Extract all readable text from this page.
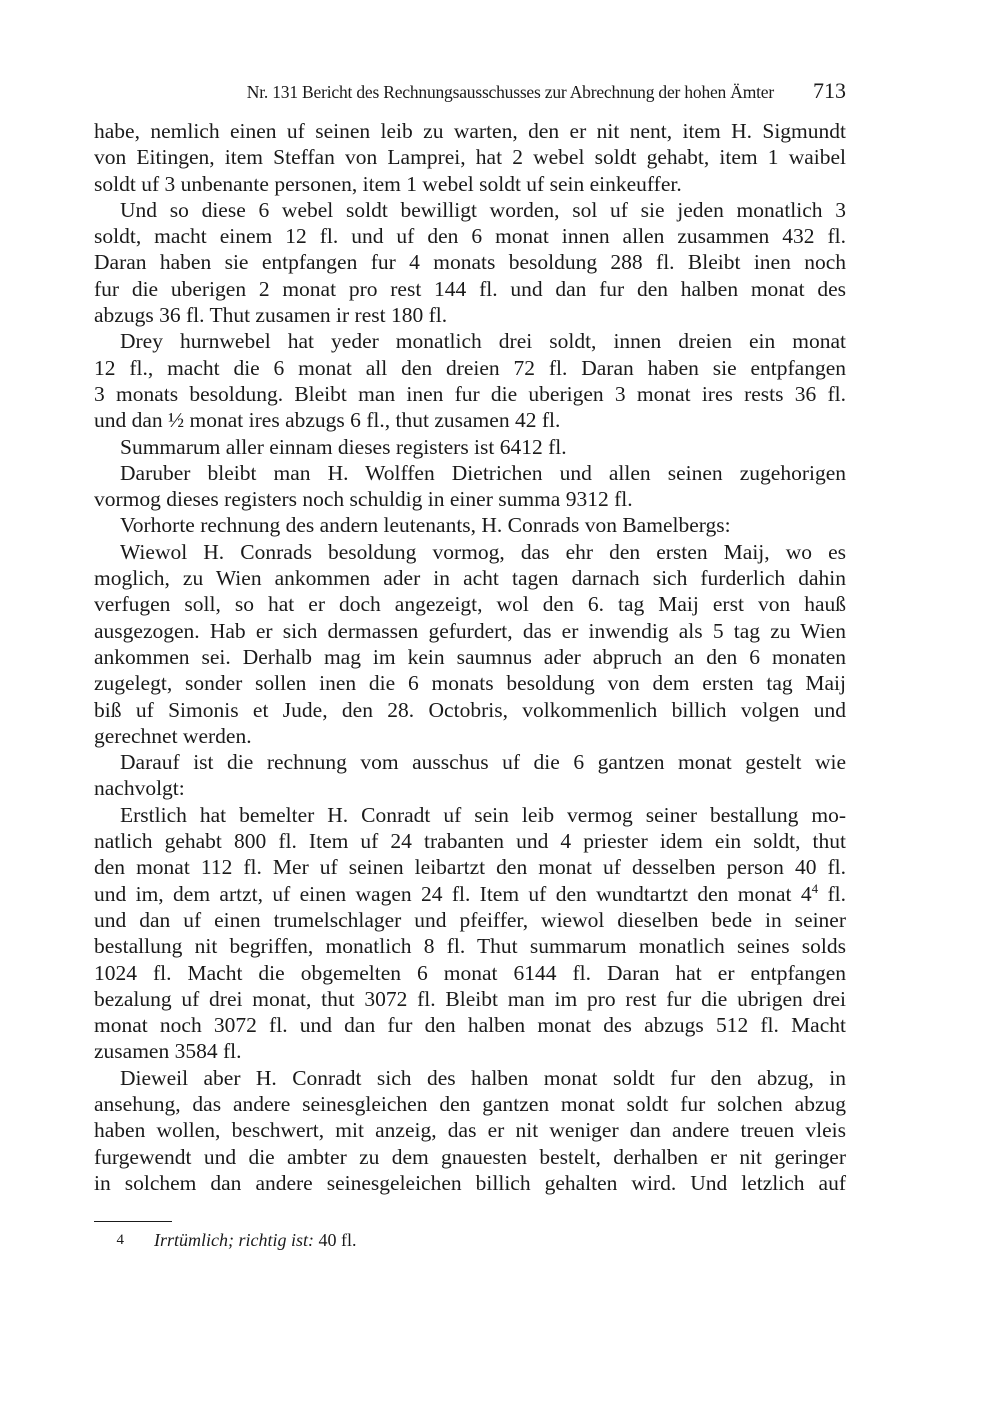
Nr. 131 Bericht des Rechnungsausschusses zur Abrechnung der hohen Ämter 713
habe, nemlich einen uf seinen leib zu warten, den er nit nent, item H. Sigmundt
von Eitingen, item Steffan von Lamprei, hat 2 webel soldt gehabt, item 1 waibel
soldt uf 3 unbenante personen, item 1 webel soldt uf sein einkeuffer.
Und so diese 6 webel soldt bewilligt worden, sol uf sie jeden monatlich 3
soldt, macht einem 12 fl. und uf den 6 monat innen allen zusammen 432 fl.
Daran haben sie entpfangen fur 4 monats besoldung 288 fl. Bleibt inen noch
fur die uberigen 2 monat pro rest 144 fl. und dan fur den halben monat des
abzugs 36 fl. Thut zusamen ir rest 180 fl.
Drey hurnwebel hat yeder monatlich drei soldt, innen dreien ein monat
12 fl., macht die 6 monat all den dreien 72 fl. Daran haben sie entpfangen
3 monats besoldung. Bleibt man inen fur die uberigen 3 monat ires rests 36 fl.
und dan ½ monat ires abzugs 6 fl., thut zusamen 42 fl.
Summarum aller einnam dieses registers ist 6412 fl.
Daruber bleibt man H. Wolffen Dietrichen und allen seinen zugehorigen
vormog dieses registers noch schuldig in einer summa 9312 fl.
Vorhorte rechnung des andern leutenants, H. Conrads von Bamelbergs:
Wiewol H. Conrads besoldung vormog, das ehr den ersten Maij, wo es
moglich, zu Wien ankommen ader in acht tagen darnach sich furderlich dahin
verfugen soll, so hat er doch angezeigt, wol den 6. tag Maij erst von hauß
ausgezogen. Hab er sich dermassen gefurdert, das er inwendig als 5 tag zu Wien
ankommen sei. Derhalb mag im kein saumnus ader abpruch an den 6 monaten
zugelegt, sonder sollen inen die 6 monats besoldung von dem ersten tag Maij
biß uf Simonis et Jude, den 28. Octobris, volkommenlich billich volgen und
gerechnet werden.
Darauf ist die rechnung vom ausschus uf die 6 gantzen monat gestelt wie
nachvolgt:
Erstlich hat bemelter H. Conradt uf sein leib vermog seiner bestallung mo-
natlich gehabt 800 fl. Item uf 24 trabanten und 4 priester idem ein soldt, thut
den monat 112 fl. Mer uf seinen leibartzt den monat uf desselben person 40 fl.
und im, dem artzt, uf einen wagen 24 fl. Item uf den wundtartzt den monat $4^4$ fl.
und dan uf einen trumelschlager und pfeiffer, wiewol dieselben bede in seiner
bestallung nit begriffen, monatlich 8 fl. Thut summarum monatlich seines solds
1024 fl. Macht die obgemelten 6 monat 6144 fl. Daran hat er entpfangen
bezalung uf drei monat, thut 3072 fl. Bleibt man im pro rest fur die ubrigen drei
monat noch 3072 fl. und dan fur den halben monat des abzugs 512 fl. Macht
zusamen 3584 fl.
Dieweil aber H. Conradt sich des halben monat soldt fur den abzug, in
ansehung, das andere seinesgleichen den gantzen monat soldt fur solchen abzug
haben wollen, beschwert, mit anzeig, das er nit weniger dan andere treuen vleis
furgewendt und die ambter zu dem gnauesten bestelt, derhalben er nit geringer
in solchem dan andere seinesgeleichen billich gehalten wird. Und letzlich auf
4 Irrtümlich; richtig ist: 40 fl.
